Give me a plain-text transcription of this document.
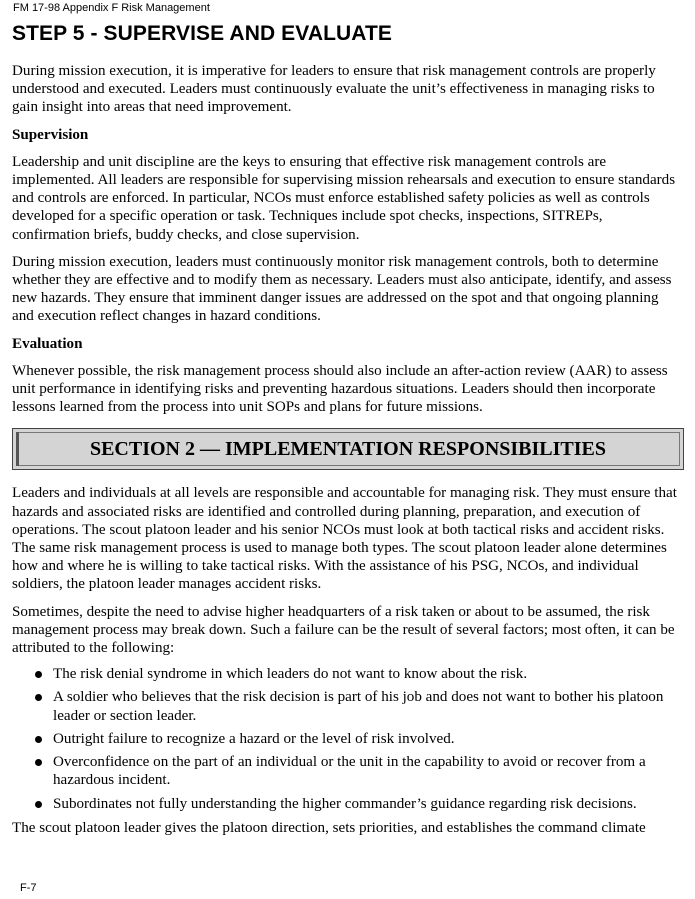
FM 17-98 Appendix F Risk Management
STEP 5 - SUPERVISE AND EVALUATE

During mission execution, it is imperative for leaders to ensure that risk management controls are properly understood and executed. Leaders must continuously evaluate the unit’s effectiveness in managing risks to gain insight into areas that need improvement.

Supervision

Leadership and unit discipline are the keys to ensuring that effective risk management controls are implemented. All leaders are responsible for supervising mission rehearsals and execution to ensure standards and controls are enforced. In particular, NCOs must enforce established safety policies as well as controls developed for a specific operation or task. Techniques include spot checks, inspections, SITREPs, confirmation briefs, buddy checks, and close supervision.

During mission execution, leaders must continuously monitor risk management controls, both to determine whether they are effective and to modify them as necessary. Leaders must also anticipate, identify, and assess new hazards. They ensure that imminent danger issues are addressed on the spot and that ongoing planning and execution reflect changes in hazard conditions.

Evaluation

Whenever possible, the risk management process should also include an after-action review (AAR) to assess unit performance in identifying risks and preventing hazardous situations. Leaders should then incorporate lessons learned from the process into unit SOPs and plans for future missions.

SECTION 2 — IMPLEMENTATION RESPONSIBILITIES

Leaders and individuals at all levels are responsible and accountable for managing risk. They must ensure that hazards and associated risks are identified and controlled during planning, preparation, and execution of operations. The scout platoon leader and his senior NCOs must look at both tactical risks and accident risks. The same risk management process is used to manage both types. The scout platoon leader alone determines how and where he is willing to take tactical risks. With the assistance of his PSG, NCOs, and individual soldiers, the platoon leader manages accident risks.

Sometimes, despite the need to advise higher headquarters of a risk taken or about to be assumed, the risk management process may break down. Such a failure can be the result of several factors; most often, it can be attributed to the following:

The risk denial syndrome in which leaders do not want to know about the risk.
A soldier who believes that the risk decision is part of his job and does not want to bother his platoon leader or section leader.
Outright failure to recognize a hazard or the level of risk involved.
Overconfidence on the part of an individual or the unit in the capability to avoid or recover from a hazardous incident.
Subordinates not fully understanding the higher commander’s guidance regarding risk decisions.

The scout platoon leader gives the platoon direction, sets priorities, and establishes the command climate

F-7
